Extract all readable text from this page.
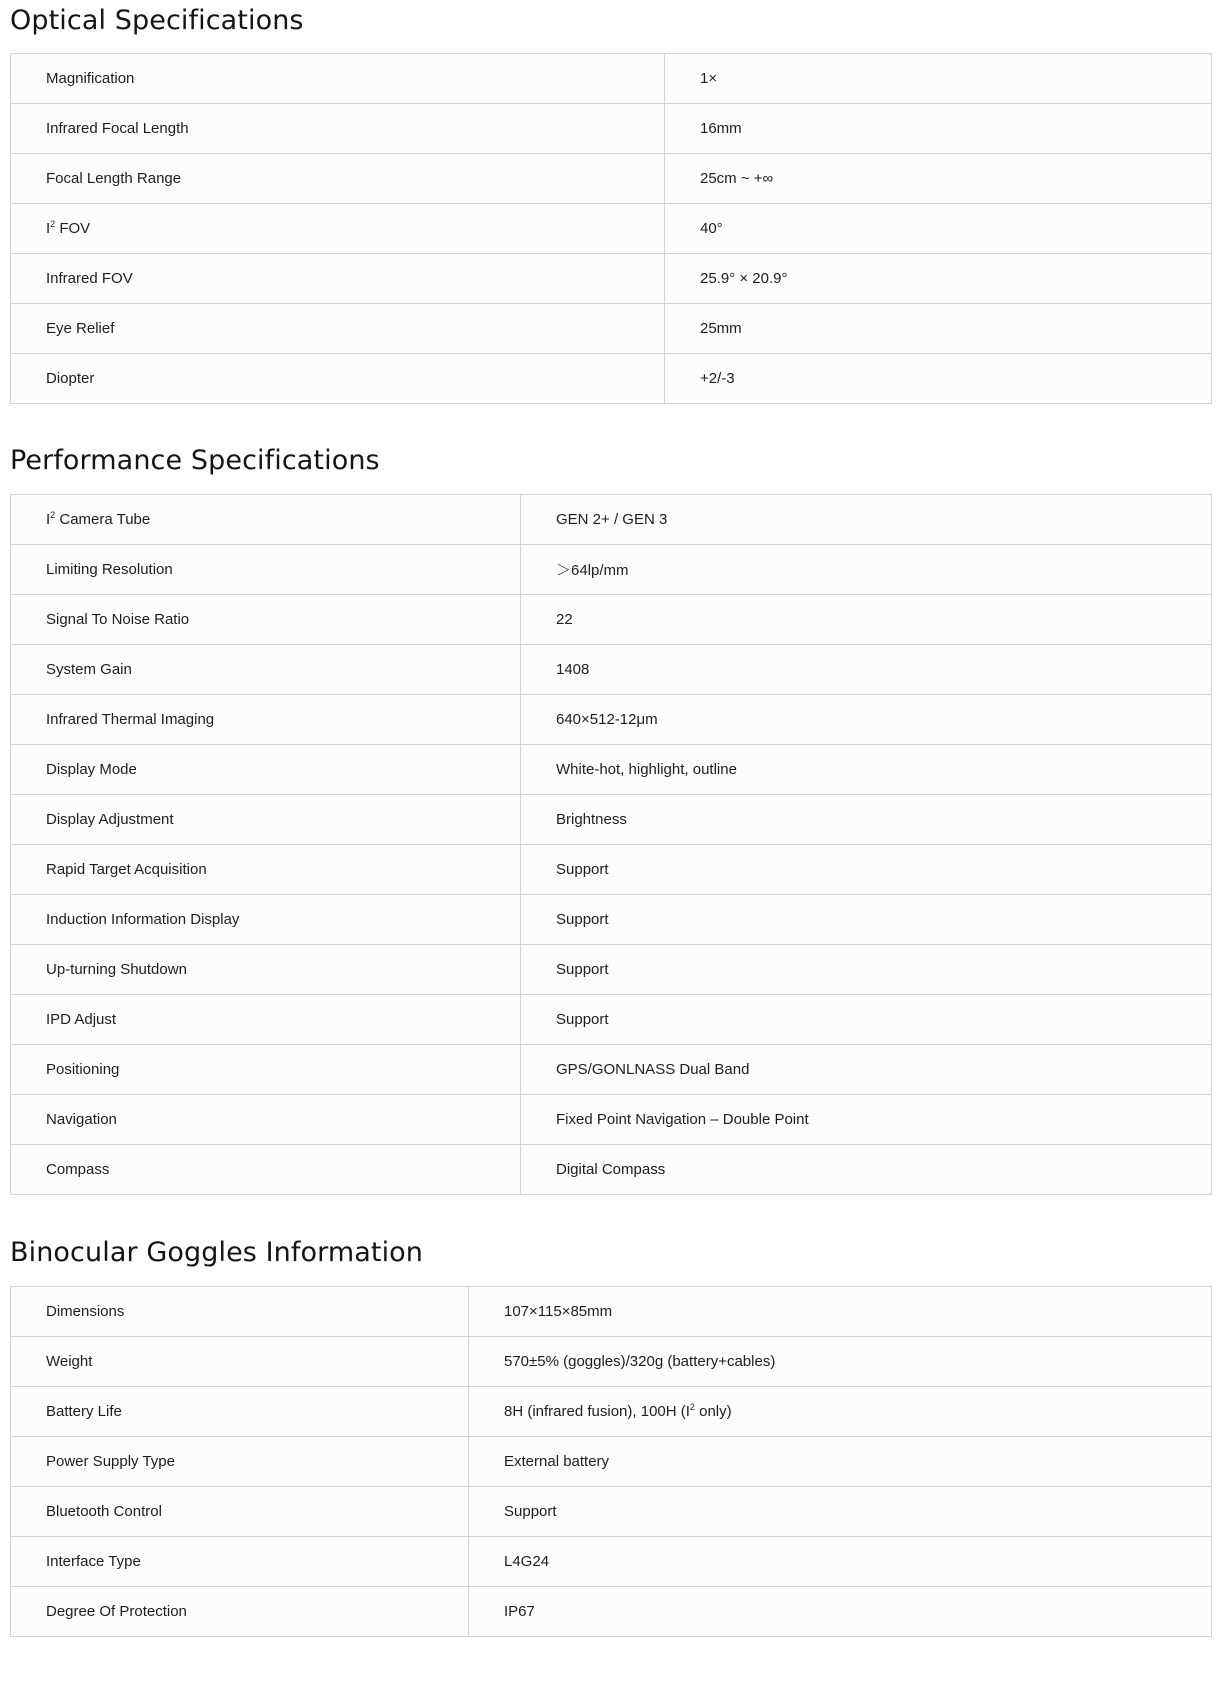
Optical Specifications
Magnification	1×
Infrared Focal Length	16mm
Focal Length Range	25cm ~ +∞
$I^2$ FOV	40°
Infrared FOV	25.9° × 20.9°
Eye Relief	25mm
Diopter	+2/-3
Performance Specifications
$I^2$ Camera Tube	GEN 2+ / GEN 3
Limiting Resolution	＞64lp/mm
Signal To Noise Ratio	22
System Gain	1408
Infrared Thermal Imaging	640×512-12μm
Display Mode	White-hot, highlight, outline
Display Adjustment	Brightness
Rapid Target Acquisition	Support
Induction Information Display	Support
Up-turning Shutdown	Support
IPD Adjust	Support
Positioning	GPS/GONLNASS Dual Band
Navigation	Fixed Point Navigation – Double Point
Compass	Digital Compass
Binocular Goggles Information
Dimensions	107×115×85mm
Weight	570±5% (goggles)/320g (battery+cables)
Battery Life	8H (infrared fusion), 100H ($I^2$ only)
Power Supply Type	External battery
Bluetooth Control	Support
Interface Type	L4G24
Degree Of Protection	IP67
